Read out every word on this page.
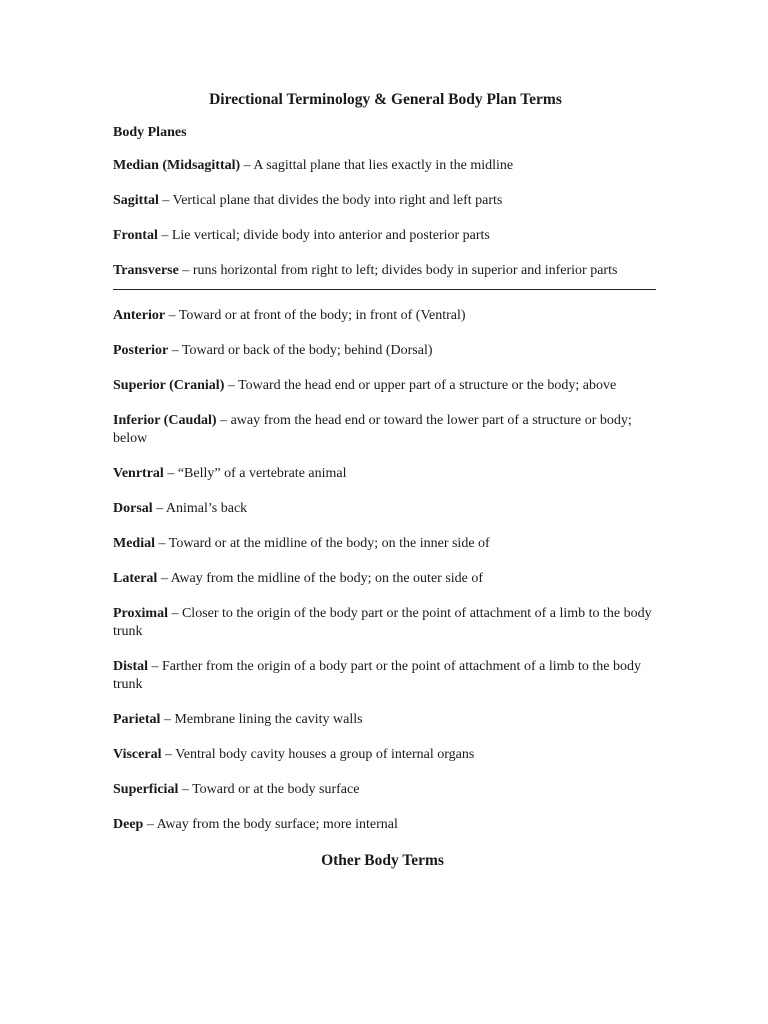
Directional Terminology & General Body Plan Terms
Body Planes
Median (Midsagittal) – A sagittal plane that lies exactly in the midline
Sagittal – Vertical plane that divides the body into right and left parts
Frontal – Lie vertical; divide body into anterior and posterior parts
Transverse – runs horizontal from right to left; divides body in superior and inferior parts
Anterior – Toward or at front of the body; in front of (Ventral)
Posterior – Toward or back of the body; behind (Dorsal)
Superior (Cranial) – Toward the head end or upper part of a structure or the body; above
Inferior (Caudal) – away from the head end or toward the lower part of a structure or body; below
Venrtral – “Belly” of a vertebrate animal
Dorsal – Animal’s back
Medial – Toward or at the midline of the body; on the inner side of
Lateral – Away from the midline of the body; on the outer side of
Proximal – Closer to the origin of the body part or the point of attachment of a limb to the body trunk
Distal – Farther from the origin of a body part or the point of attachment of a limb to the body trunk
Parietal – Membrane lining the cavity walls
Visceral – Ventral body cavity houses a group of internal organs
Superficial – Toward or at the body surface
Deep – Away from the body surface; more internal
Other Body Terms
